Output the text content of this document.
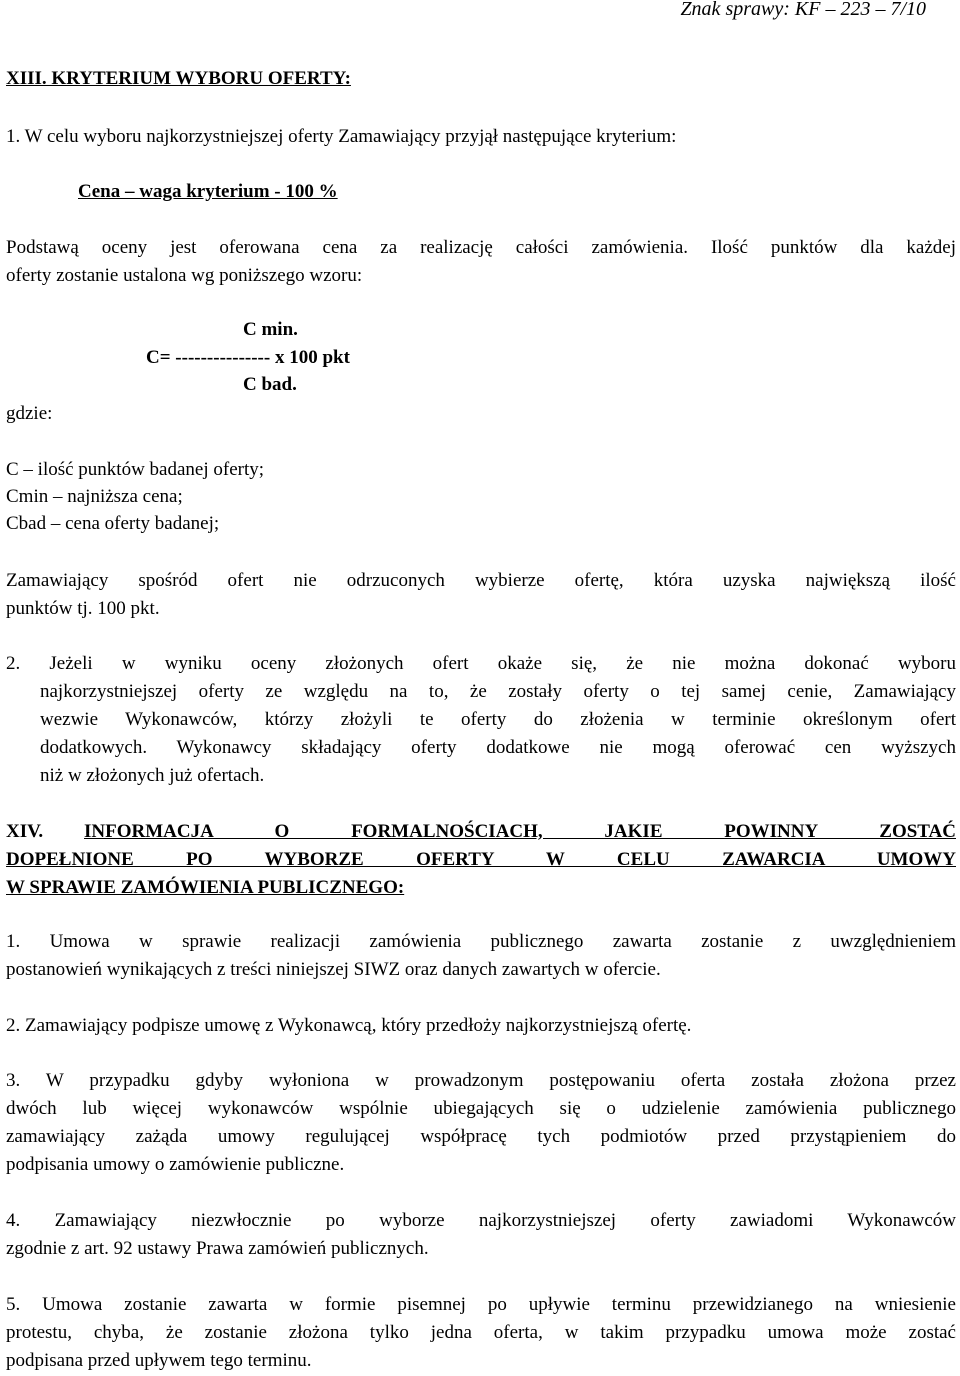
Znak sprawy: KF – 223 – 7/10
XIII. KRYTERIUM WYBORU OFERTY:
1. W celu wyboru najkorzystniejszej oferty Zamawiający przyjął następujące kryterium:
Cena – waga kryterium - 100 %
Podstawą oceny jest oferowana cena za realizację całości zamówienia. Ilość punktów dla każdej
oferty zostanie ustalona wg poniższego wzoru:
C min.
C= --------------- x 100 pkt
C bad.
gdzie:
C – ilość punktów badanej oferty;
Cmin – najniższa cena;
Cbad – cena oferty badanej;
Zamawiający spośród ofert nie odrzuconych wybierze ofertę, która uzyska największą ilość
punktów tj. 100 pkt.
2. Jeżeli w wyniku oceny złożonych ofert okaże się, że nie można dokonać wyboru
najkorzystniejszej oferty ze względu na to, że zostały oferty o tej samej cenie, Zamawiający
wezwie Wykonawców, którzy złożyli te oferty do złożenia w terminie określonym ofert
dodatkowych. Wykonawcy składający oferty dodatkowe nie mogą oferować cen wyższych
niż w złożonych już ofertach.
XIV.	INFORMACJA O FORMALNOŚCIACH, JAKIE POWINNY ZOSTAĆ
DOPEŁNIONE PO WYBORZE OFERTY W CELU ZAWARCIA UMOWY
W SPRAWIE ZAMÓWIENIA PUBLICZNEGO:
1. Umowa w sprawie realizacji zamówienia publicznego zawarta zostanie z uwzględnieniem
postanowień wynikających z treści niniejszej SIWZ oraz danych zawartych w ofercie.
2. Zamawiający podpisze umowę z Wykonawcą, który przedłoży najkorzystniejszą ofertę.
3. W przypadku gdyby wyłoniona w prowadzonym postępowaniu oferta została złożona przez
dwóch lub więcej wykonawców wspólnie ubiegających się o udzielenie zamówienia publicznego
zamawiający zażąda umowy regulującej współpracę tych podmiotów przed przystąpieniem do
podpisania umowy o zamówienie publiczne.
4. Zamawiający niezwłocznie po wyborze najkorzystniejszej oferty zawiadomi Wykonawców
zgodnie z art. 92 ustawy Prawa zamówień publicznych.
5. Umowa zostanie zawarta w formie pisemnej po upływie terminu przewidzianego na wniesienie
protestu, chyba, że zostanie złożona tylko jedna oferta, w takim przypadku umowa może zostać
podpisana przed upływem tego terminu.
